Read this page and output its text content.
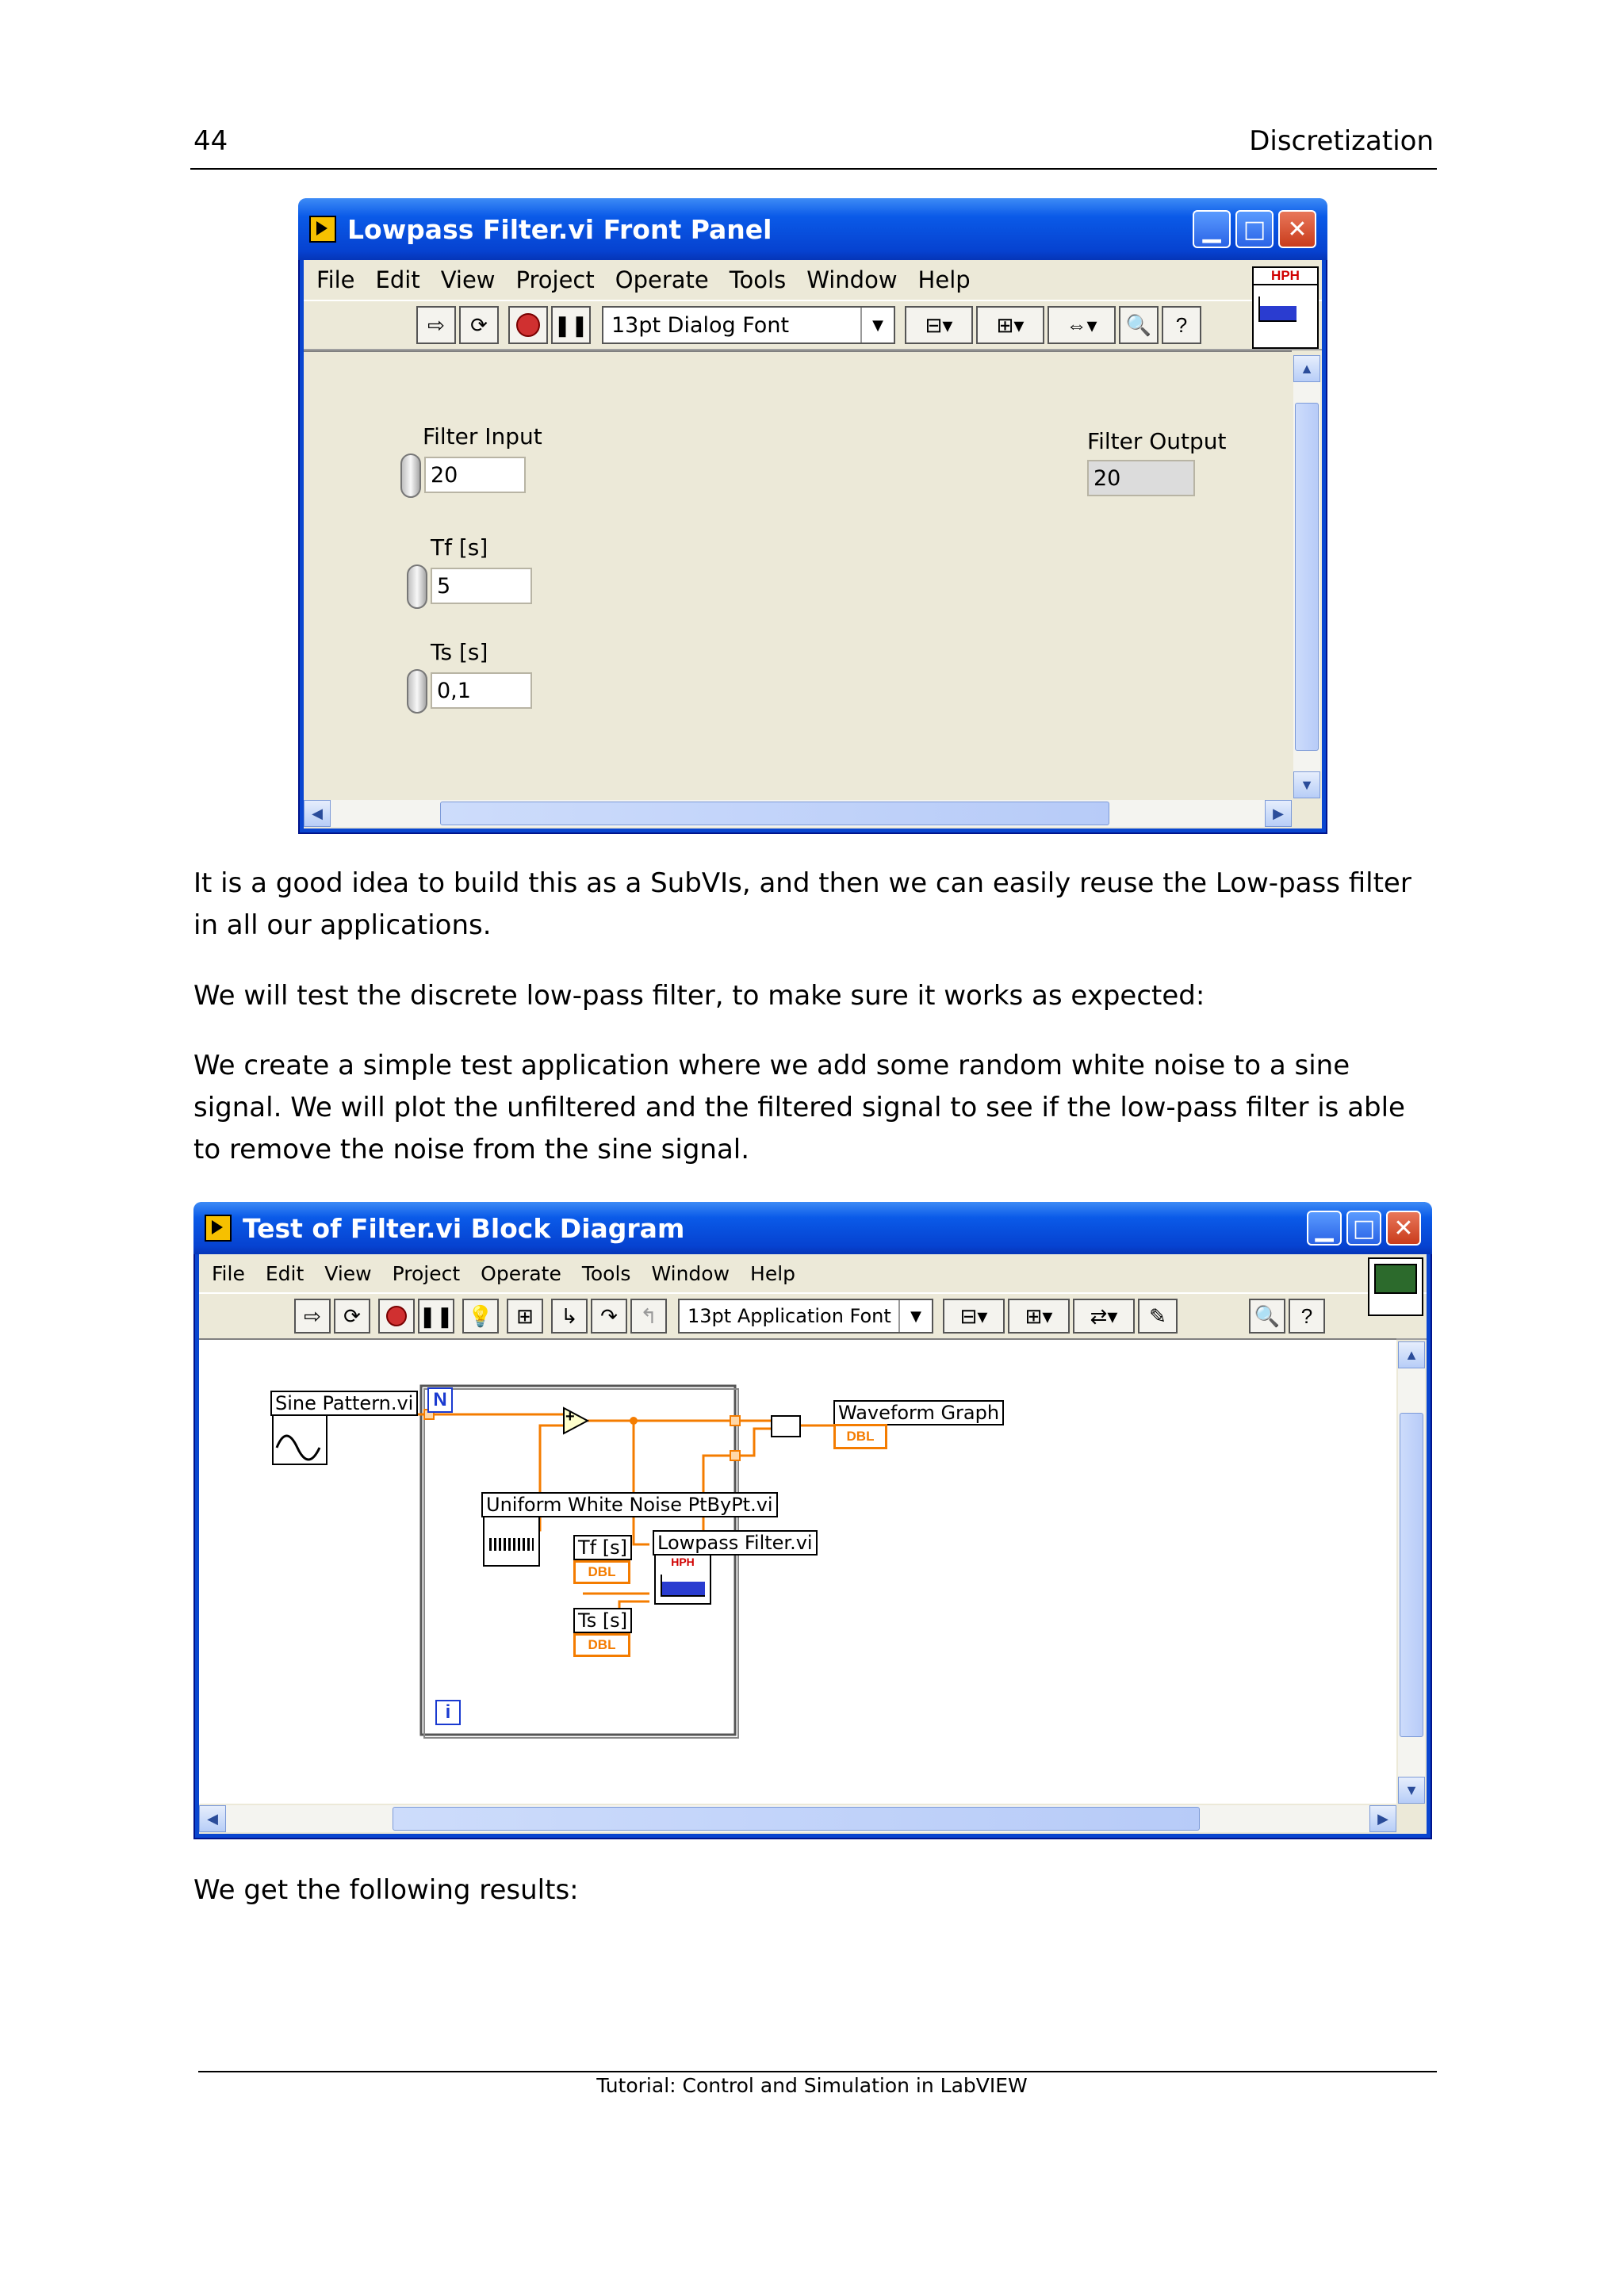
44	Discretization
Lowpass Filter.vi Front Panel	▁ □ ✕
File Edit View Project Operate Tools Window Help
⇨	⟳	❚❚ 13pt Dialog Font	▼	⊟▾	⊞▾	⇔▾	🔍	?
HPH
Filter Input
20
Tf [s]
5
Ts [s]
0,1
Filter Output
20
▲
▼
◀	▶
It is a good idea to build this as a SubVIs, and then we can easily reuse the Low-pass filter in all our applications.
We will test the discrete low-pass filter, to make sure it works as expected:
We create a simple test application where we add some random white noise to a sine signal. We will plot the unfiltered and the filtered signal to see if the low-pass filter is able to remove the noise from the sine signal.
Test of Filter.vi Block Diagram	▁ □ ✕
File Edit View Project Operate Tools Window Help
⇨	⟳	❚❚ 💡	⊞	↳	↷	↰	13pt Application Font	▼	⊟▾	⊞▾	⇄▾	✎	🔍	?
Sine Pattern.vi	N
i
+
Uniform White Noise PtByPt.vi
Tf [s]
DBL
Ts [s]
DBL
Lowpass Filter.vi
HPH
Waveform Graph
DBL
▲
▼
◀	▶
We get the following results:
Tutorial: Control and Simulation in LabVIEW
